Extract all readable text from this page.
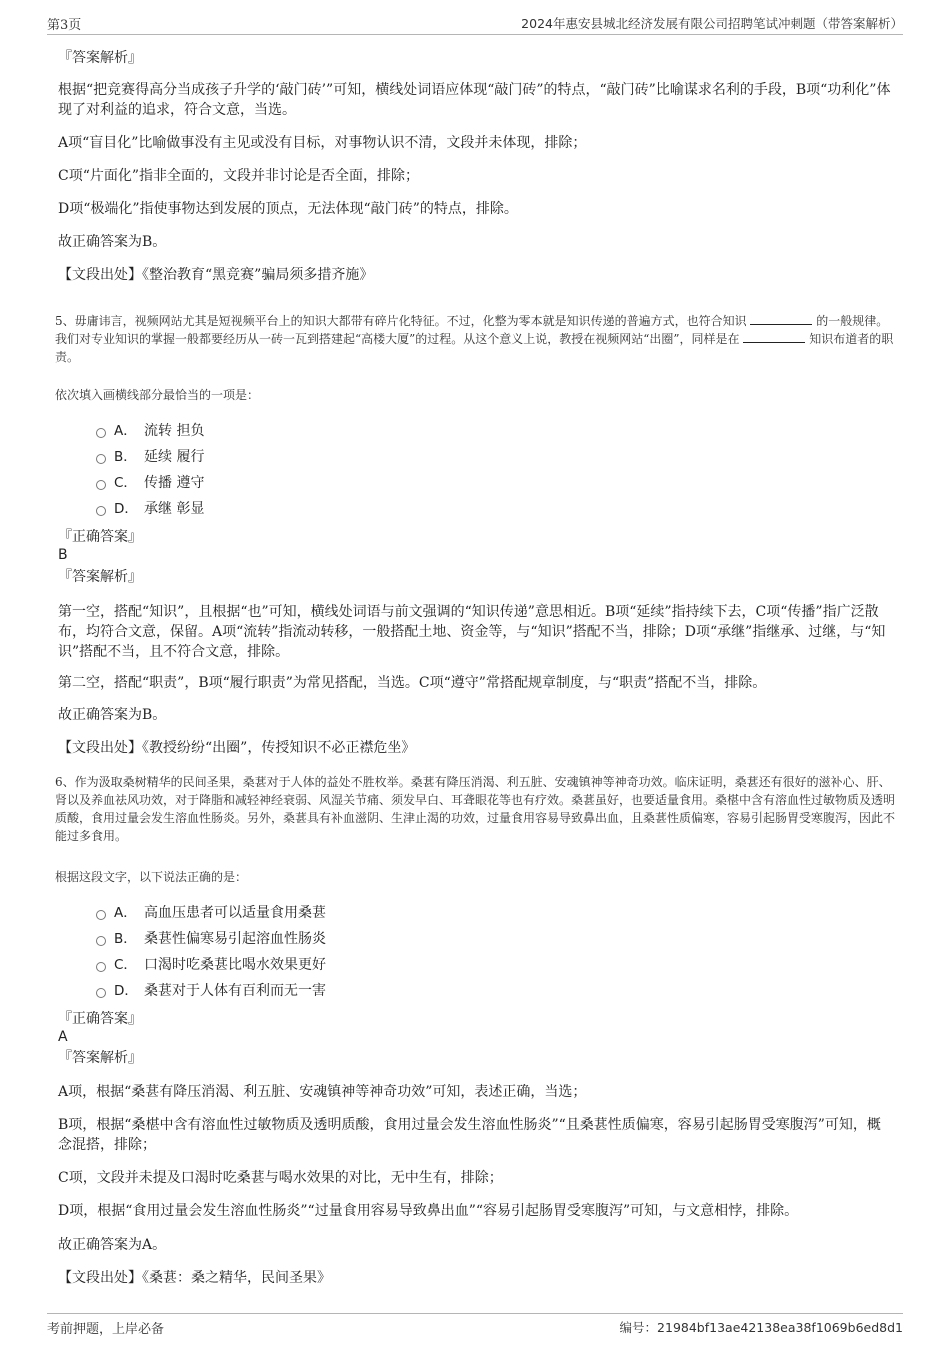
第3页	2024年惠安县城北经济发展有限公司招聘笔试冲刺题（带答案解析）
『答案解析』
根据“把竞赛得高分当成孩子升学的‘敲门砖’”可知，横线处词语应体现“敲门砖”的特点，“敲门砖”比喻谋求名利的手段，B项“功利化”体现了对利益的追求，符合文意，当选。
A项“盲目化”比喻做事没有主见或没有目标，对事物认识不清，文段并未体现，排除；
C项“片面化”指非全面的，文段并非讨论是否全面，排除；
D项“极端化”指使事物达到发展的顶点，无法体现“敲门砖”的特点，排除。
故正确答案为B。
【文段出处】《整治教育“黑竞赛”骗局须多措齐施》
5、毋庸讳言，视频网站尤其是短视频平台上的知识大都带有碎片化特征。不过，化整为零本就是知识传递的普遍方式，也符合知识	的一般规律。我们对专业知识的掌握一般都要经历从一砖一瓦到搭建起“高楼大厦”的过程。从这个意义上说，教授在视频网站“出圈”，同样是在	知识布道者的职责。
依次填入画横线部分最恰当的一项是：
A． 流转 担负
B． 延续 履行
C． 传播 遵守
D． 承继 彰显
『正确答案』
B
『答案解析』
第一空，搭配“知识”，且根据“也”可知，横线处词语与前文强调的“知识传递”意思相近。B项“延续”指持续下去，C项“传播”指广泛散布，均符合文意，保留。A项“流转”指流动转移，一般搭配土地、资金等，与“知识”搭配不当，排除；D项“承继”指继承、过继，与“知识”搭配不当，且不符合文意，排除。
第二空，搭配“职责”，B项“履行职责”为常见搭配，当选。C项“遵守”常搭配规章制度，与“职责”搭配不当，排除。
故正确答案为B。
【文段出处】《教授纷纷“出圈”，传授知识不必正襟危坐》
6、作为汲取桑树精华的民间圣果，桑葚对于人体的益处不胜枚举。桑葚有降压消渴、利五脏、安魂镇神等神奇功效。临床证明，桑葚还有很好的滋补心、肝、肾以及养血祛风功效，对于降脂和减轻神经衰弱、风湿关节痛、须发早白、耳聋眼花等也有疗效。桑葚虽好，也要适量食用。桑椹中含有溶血性过敏物质及透明质酸，食用过量会发生溶血性肠炎。另外，桑葚具有补血滋阴、生津止渴的功效，过量食用容易导致鼻出血，且桑葚性质偏寒，容易引起肠胃受寒腹泻，因此不能过多食用。
根据这段文字，以下说法正确的是：
A． 高血压患者可以适量食用桑葚
B． 桑葚性偏寒易引起溶血性肠炎
C． 口渴时吃桑葚比喝水效果更好
D． 桑葚对于人体有百利而无一害
『正确答案』
A
『答案解析』
A项，根据“桑葚有降压消渴、利五脏、安魂镇神等神奇功效”可知，表述正确，当选；
B项，根据“桑椹中含有溶血性过敏物质及透明质酸，食用过量会发生溶血性肠炎”“且桑葚性质偏寒，容易引起肠胃受寒腹泻”可知，概念混搭，排除；
C项，文段并未提及口渴时吃桑葚与喝水效果的对比，无中生有，排除；
D项，根据“食用过量会发生溶血性肠炎”“过量食用容易导致鼻出血”“容易引起肠胃受寒腹泻”可知，与文意相悖，排除。
故正确答案为A。
【文段出处】《桑葚：桑之精华，民间圣果》
考前押题，上岸必备	编号：21984bf13ae42138ea38f1069b6ed8d1
